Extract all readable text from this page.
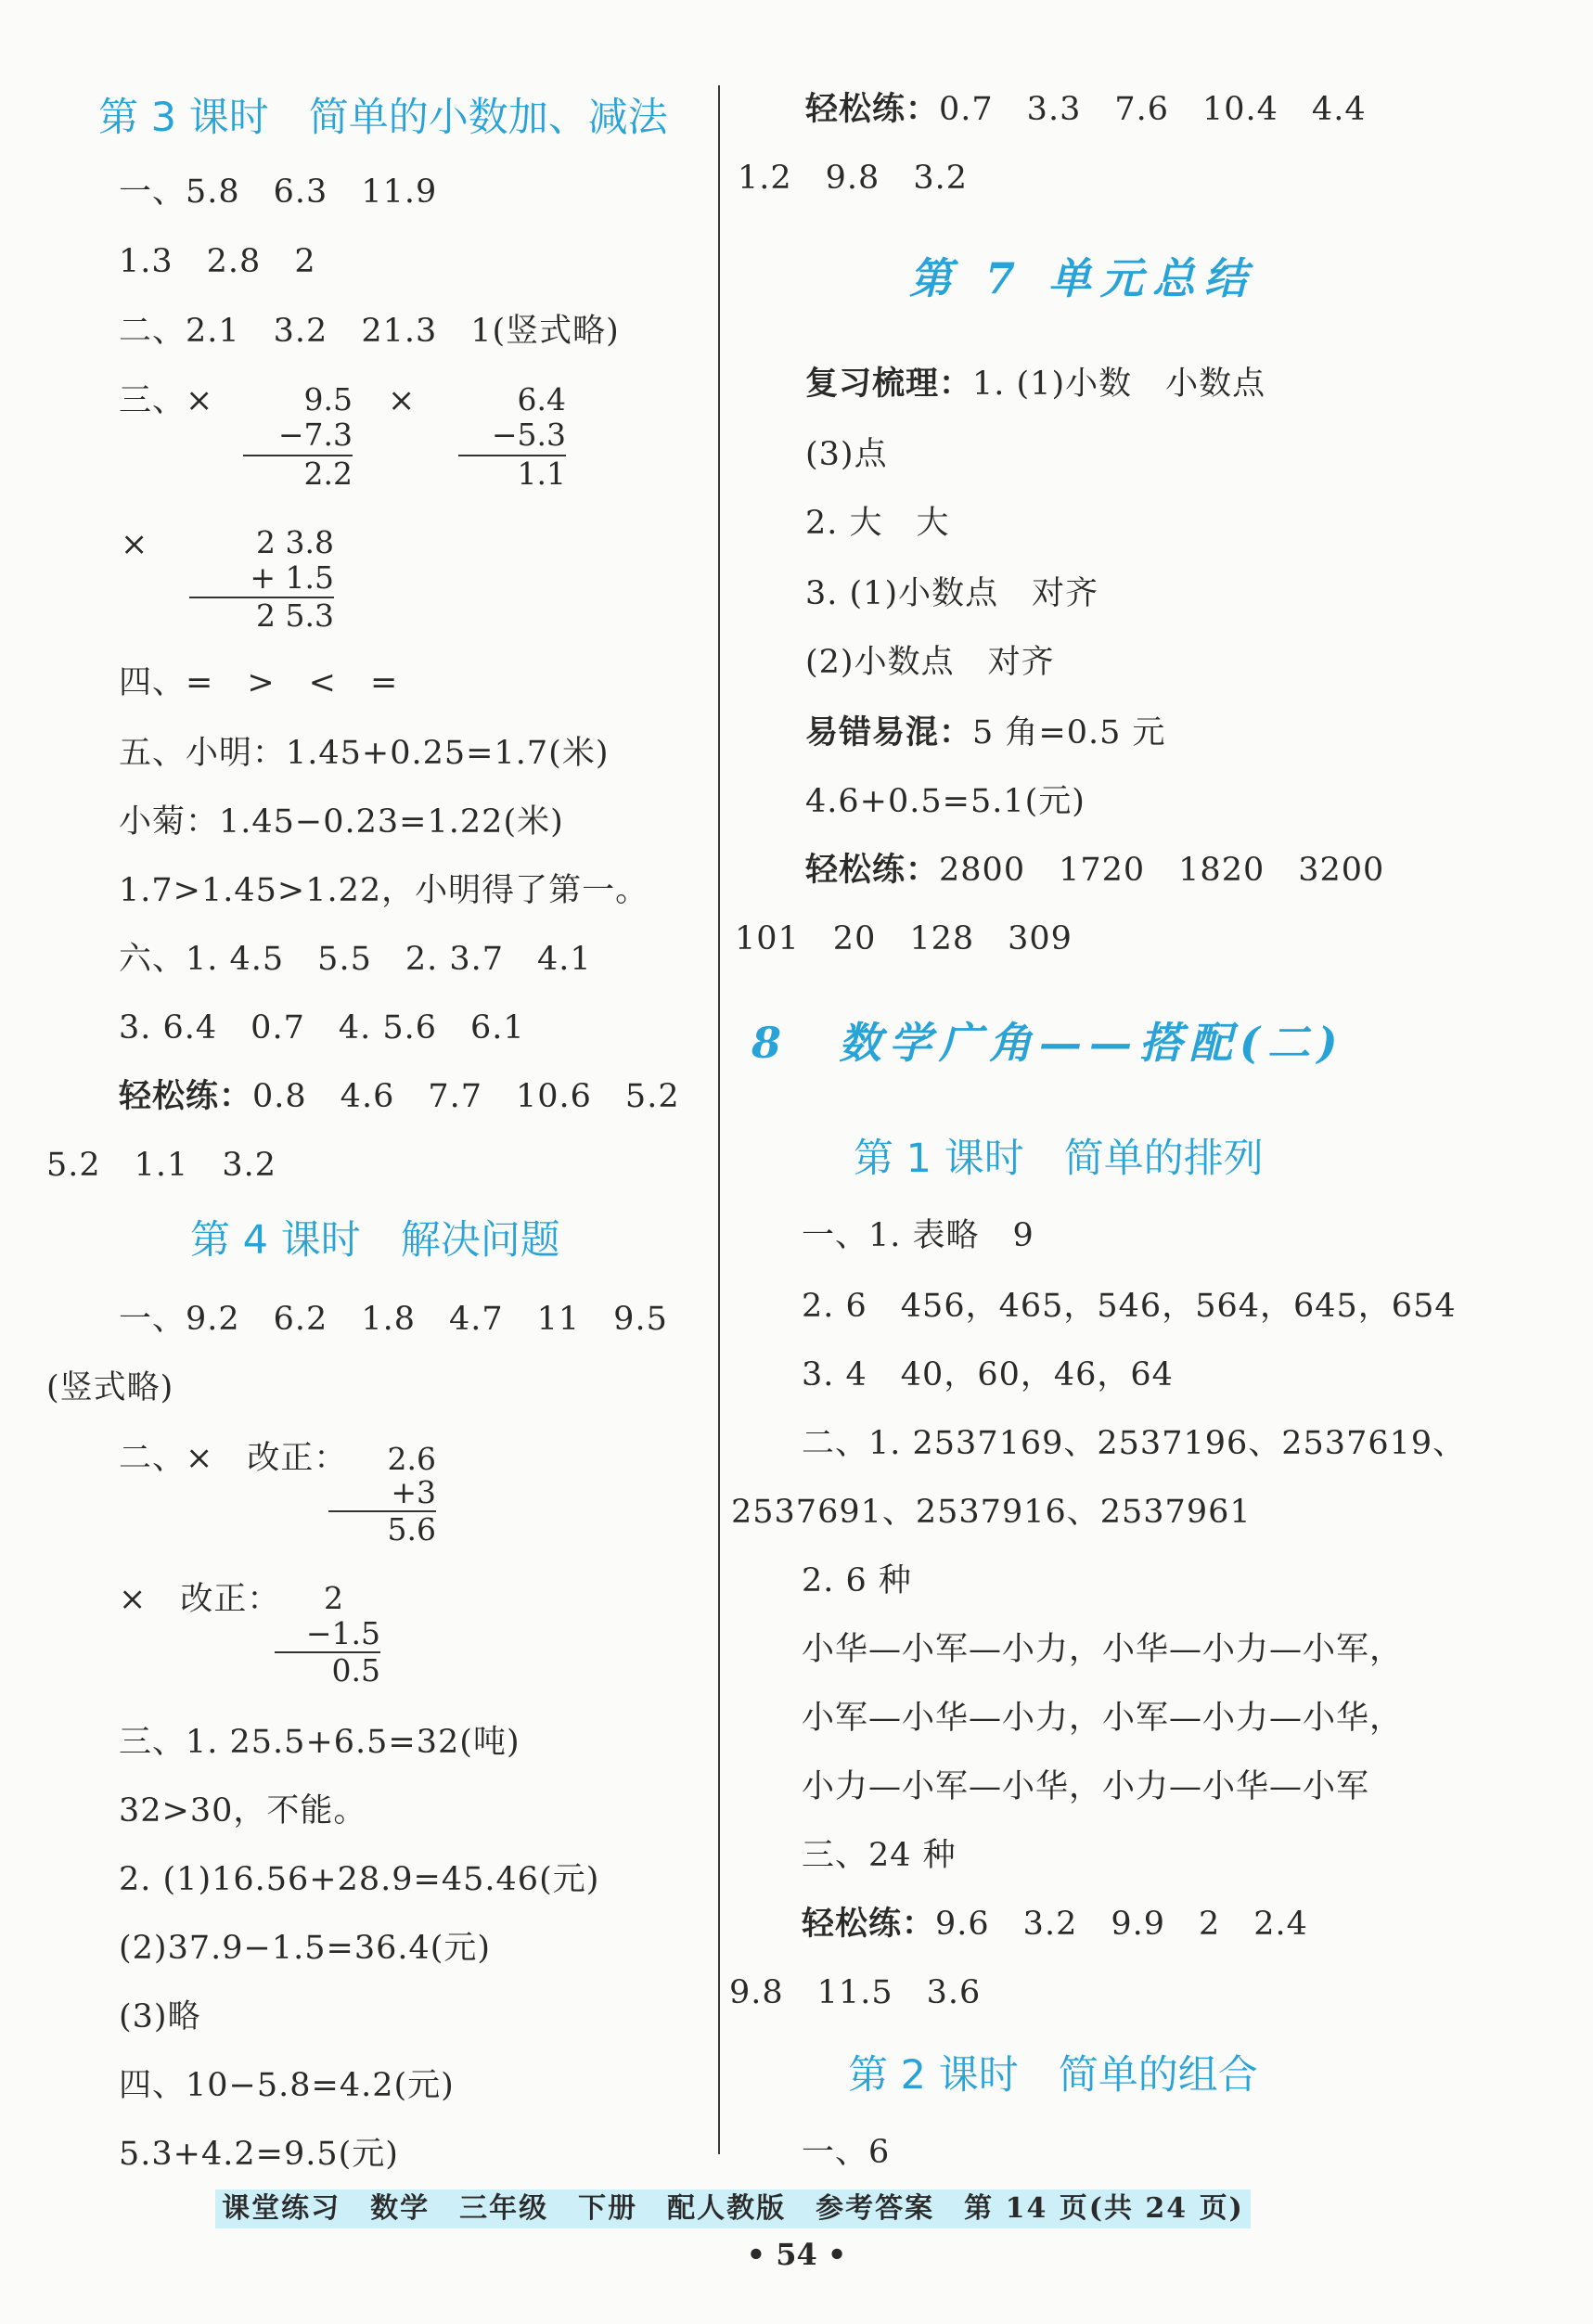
第 3 课时　简单的小数加、减法
一、5.8　6.3　11.9
1.3　2.8　2
二、2.1　3.2　21.3　1(竖式略)
三、×	9.5
−7.3
2.2
×	6.4
−5.3
1.1
×	2 3.8
+ 1.5
2 5.3
四、=　>　<　=
五、小明：1.45+0.25=1.7(米)
小菊：1.45−0.23=1.22(米)
1.7>1.45>1.22，小明得了第一。
六、1. 4.5　5.5　2. 3.7　4.1
3. 6.4　0.7　4. 5.6　6.1
轻松练：0.8　4.6　7.7　10.6　5.2
5.2　1.1　3.2
第 4 课时　解决问题
一、9.2　6.2　1.8　4.7　11　9.5
(竖式略)
二、×　改正：	2.6
+3
5.6
×　改正：	2
−1.5
0.5
三、1. 25.5+6.5=32(吨)
32>30，不能。
2. (1)16.56+28.9=45.46(元)
(2)37.9−1.5=36.4(元)
(3)略
四、10−5.8=4.2(元)
5.3+4.2=9.5(元)
轻松练：0.7　3.3　7.6　10.4　4.4
1.2　9.8　3.2
第 7 单元总结
复习梳理：1. (1)小数　小数点
(3)点
2. 大　大
3. (1)小数点　对齐
(2)小数点　对齐
易错易混：5 角=0.5 元
4.6+0.5=5.1(元)
轻松练：2800　1720　1820　3200
101　20　128　309
8　数学广角——搭配(二)
第 1 课时　简单的排列
一、1. 表略　9
2. 6　456，465，546，564，645，654
3. 4　40，60，46，64
二、1. 2537169、2537196、2537619、
2537691、2537916、2537961
2. 6 种
小华—小军—小力，小华—小力—小军，
小军—小华—小力，小军—小力—小华，
小力—小军—小华，小力—小华—小军
三、24 种
轻松练：9.6　3.2　9.9　2　2.4
9.8　11.5　3.6
第 2 课时　简单的组合
一、6
课堂练习　数学　三年级　下册　配人教版　参考答案　第 14 页(共 24 页)
• 54 •
